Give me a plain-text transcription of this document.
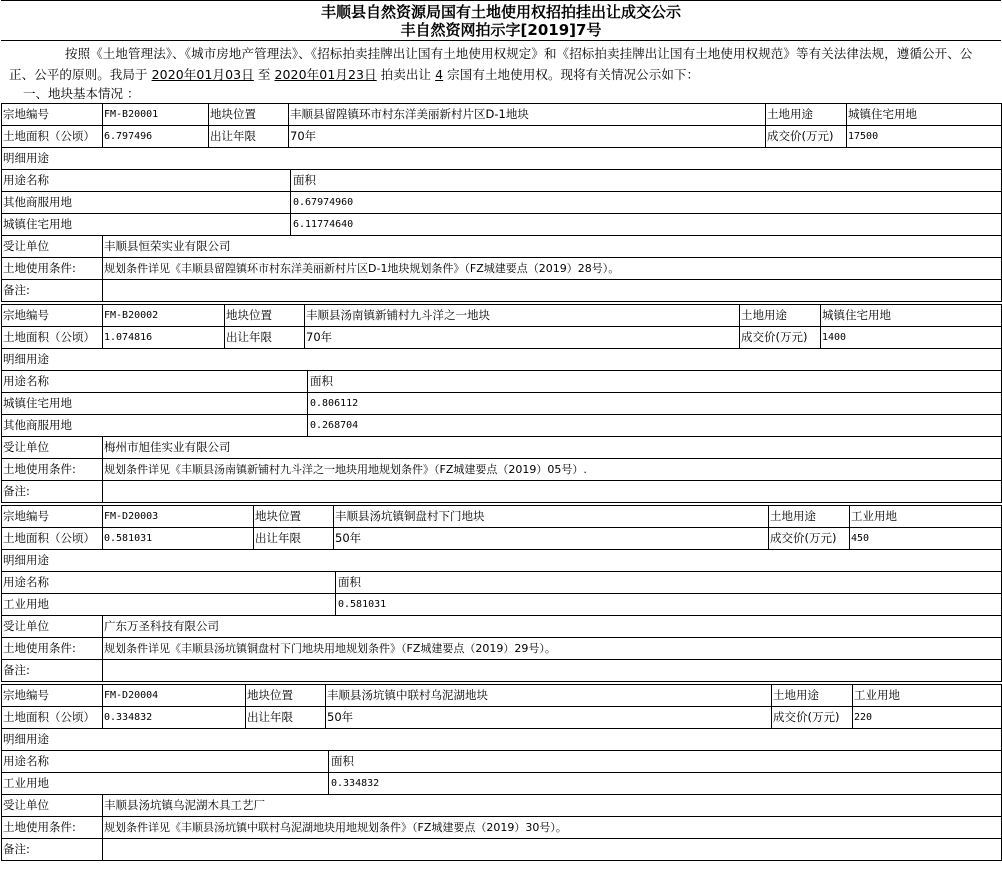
丰顺县自然资源局国有土地使用权招拍挂出让成交公示
丰自然资网拍示字[2019]7号
按照《土地管理法》、《城市房地产管理法》、《招标拍卖挂牌出让国有土地使用权规定》和《招标拍卖挂牌出让国有土地使用权规范》等有关法律法规，遵循公开、公正、公平的原则。我局于 2020年01月03日 至 2020年01月23日 拍卖出让 4 宗国有土地使用权。现将有关情况公示如下：
一、地块基本情况 ：
宗地编号	FM-B20001	地块位置	丰顺县留隍镇环市村东洋美丽新村片区D-1地块	土地用途	城镇住宅用地
土地面积（公顷）	6.797496	出让年限	70年	成交价(万元)	17500
明细用途					

用途名称 面积					

其他商服用地 0.67974960					

城镇住宅用地 6.11774640					

受让单位	丰顺县恒荣实业有限公司				
土地使用条件:	规划条件详见《丰顺县留隍镇环市村东洋美丽新村片区D-1地块规划条件》（FZ城建要点（2019）28号）。				
备注:					
宗地编号	FM-B20002	地块位置	丰顺县汤南镇新铺村九斗洋之一地块	土地用途	城镇住宅用地
土地面积（公顷）	1.074816	出让年限	70年	成交价(万元)	1400
明细用途					

用途名称 面积					

城镇住宅用地 0.806112					

其他商服用地 0.268704					

受让单位	梅州市旭佳实业有限公司				
土地使用条件:	规划条件详见《丰顺县汤南镇新铺村九斗洋之一地块用地规划条件》（FZ城建要点（2019）05号）.				
备注:					
宗地编号	FM-D20003	地块位置	丰顺县汤坑镇铜盘村下门地块	土地用途	工业用地
土地面积（公顷）	0.581031	出让年限	50年	成交价(万元)	450
明细用途					

用途名称 面积					

工业用地 0.581031					

受让单位	广东万圣科技有限公司				
土地使用条件:	规划条件详见《丰顺县汤坑镇铜盘村下门地块用地规划条件》（FZ城建要点（2019）29号）。				
备注:					
宗地编号	FM-D20004	地块位置	丰顺县汤坑镇中联村乌泥湖地块	土地用途	工业用地
土地面积（公顷）	0.334832	出让年限	50年	成交价(万元)	220
明细用途					

用途名称 面积					

工业用地 0.334832					

受让单位	丰顺县汤坑镇乌泥湖木具工艺厂				
土地使用条件:	规划条件详见《丰顺县汤坑镇中联村乌泥湖地块用地规划条件》（FZ城建要点（2019）30号）。				
备注:					
